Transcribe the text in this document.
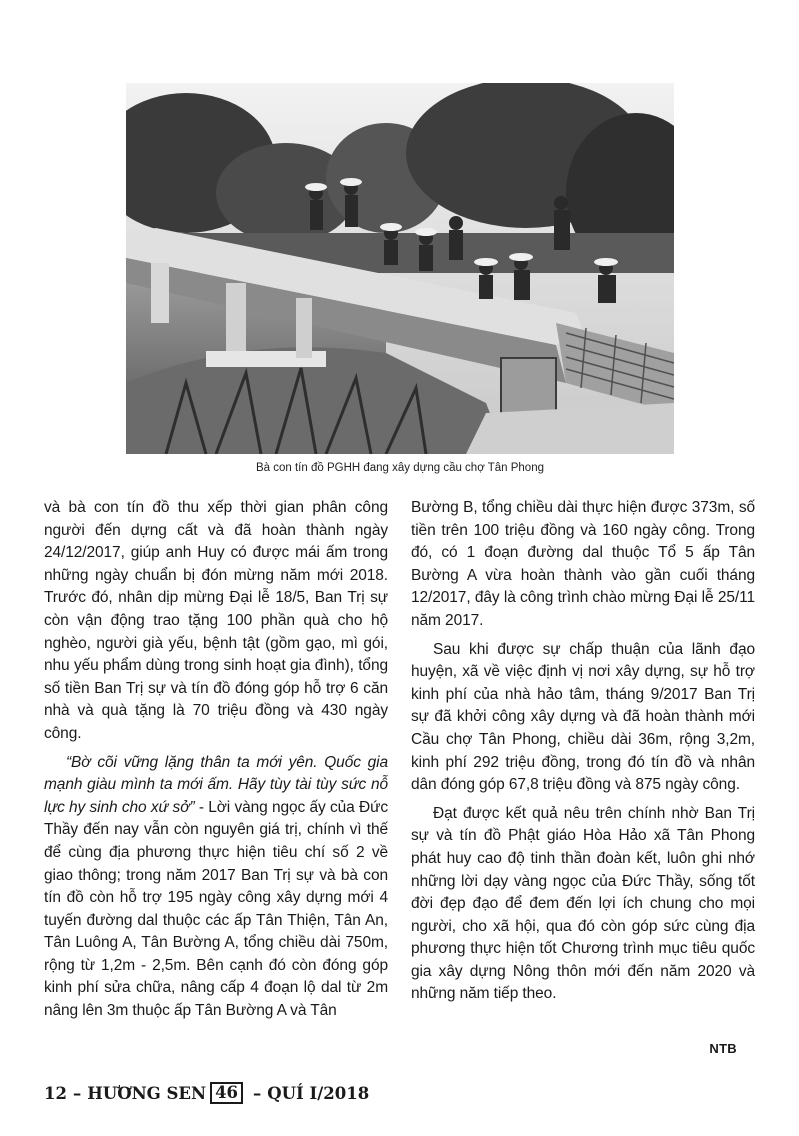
Bà con tín đồ PGHH đang xây dựng cầu chợ Tân Phong

và bà con tín đồ thu xếp thời gian phân công người đến dựng cất và đã hoàn thành ngày 24/12/2017, giúp anh Huy có được mái ấm trong những ngày chuẩn bị đón mừng năm mới 2018. Trước đó, nhân dịp mừng Đại lễ 18/5, Ban Trị sự còn vận động trao tặng 100 phần quà cho hộ nghèo, người già yếu, bệnh tật (gồm gạo, mì gói, nhu yếu phẩm dùng trong sinh hoạt gia đình), tổng số tiền Ban Trị sự và tín đồ đóng góp hỗ trợ 6 căn nhà và quà tặng là 70 triệu đồng và 430 ngày công.

“Bờ cõi vững lặng thân ta mới yên. Quốc gia mạnh giàu mình ta mới ấm. Hãy tùy tài tùy sức nỗ lực hy sinh cho xứ sở” - Lời vàng ngọc ấy của Đức Thầy đến nay vẫn còn nguyên giá trị, chính vì thế để cùng địa phương thực hiện tiêu chí số 2 về giao thông; trong năm 2017 Ban Trị sự và bà con tín đồ còn hỗ trợ 195 ngày công xây dựng mới 4 tuyến đường dal thuộc các ấp Tân Thiện, Tân An, Tân Luông A, Tân Bường A, tổng chiều dài 750m, rộng từ 1,2m - 2,5m. Bên cạnh đó còn đóng góp kinh phí sửa chữa, nâng cấp 4 đoạn lộ dal từ 2m nâng lên 3m thuộc ấp Tân Bường A và Tân

Bường B, tổng chiều dài thực hiện được 373m, số tiền trên 100 triệu đồng và 160 ngày công. Trong đó, có 1 đoạn đường dal thuộc Tổ 5 ấp Tân Bường A vừa hoàn thành vào gần cuối tháng 12/2017, đây là công trình chào mừng Đại lễ 25/11 năm 2017.

Sau khi được sự chấp thuận của lãnh đạo huyện, xã về việc định vị nơi xây dựng, sự hỗ trợ kinh phí của nhà hảo tâm, tháng 9/2017 Ban Trị sự đã khởi công xây dựng và đã hoàn thành mới Cầu chợ Tân Phong, chiều dài 36m, rộng 3,2m, kinh phí 292 triệu đồng, trong đó tín đồ và nhân dân đóng góp 67,8 triệu đồng và 875 ngày công.

Đạt được kết quả nêu trên chính nhờ Ban Trị sự và tín đồ Phật giáo Hòa Hảo xã Tân Phong phát huy cao độ tinh thần đoàn kết, luôn ghi nhớ những lời dạy vàng ngọc của Đức Thầy, sống tốt đời đẹp đạo để đem đến lợi ích chung cho mọi người, cho xã hội, qua đó còn góp sức cùng địa phương thực hiện tốt Chương trình mục tiêu quốc gia xây dựng Nông thôn mới đến năm 2020 và những năm tiếp theo.

NTB
12 – HƯƠNG SEN 46 – QUÍ I/2018
